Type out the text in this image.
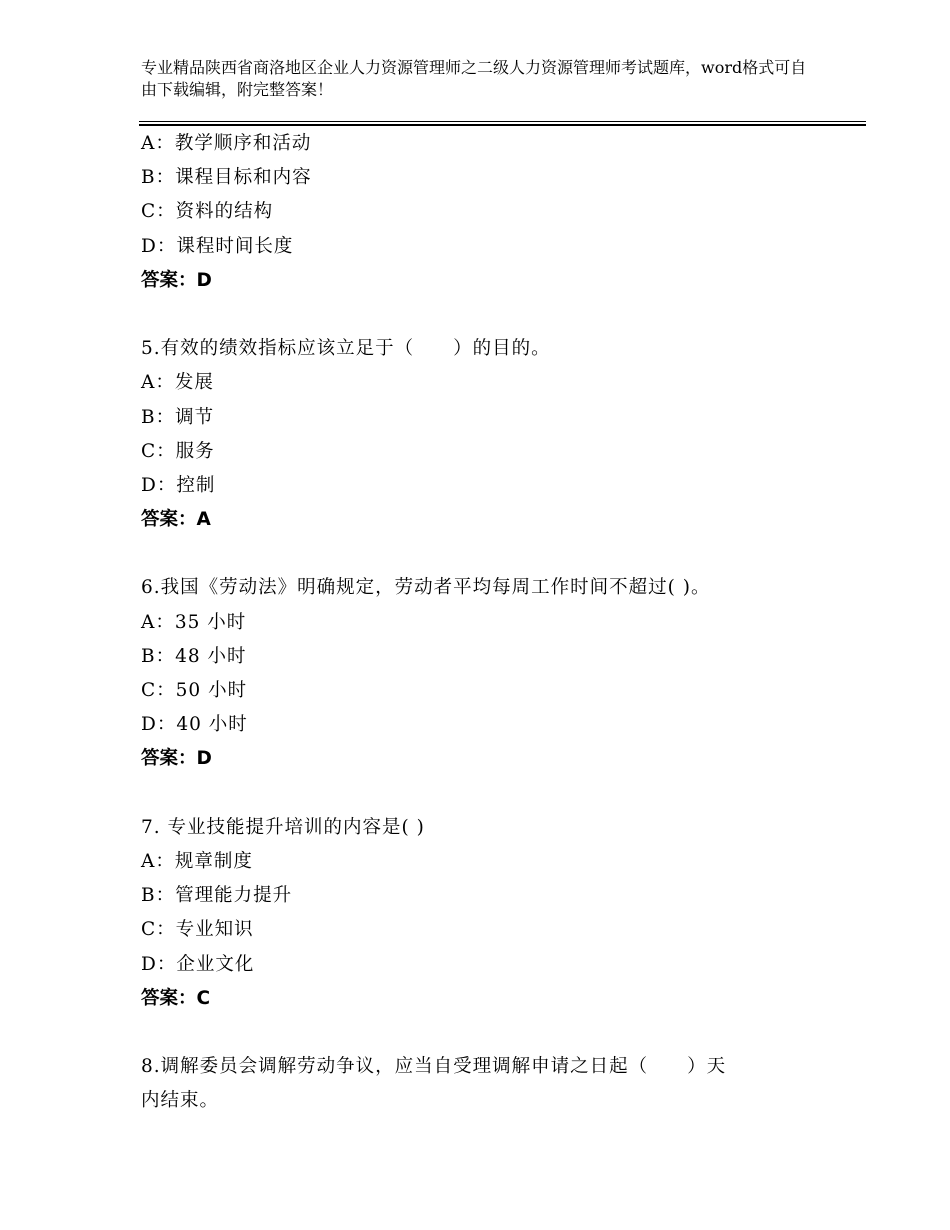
专业精品陕西省商洛地区企业人力资源管理师之二级人力资源管理师考试题库，word格式可自由下载编辑，附完整答案！
A：教学顺序和活动
B：课程目标和内容
C：资料的结构
D：课程时间长度
答案：D
5.有效的绩效指标应该立足于（　　）的目的。
A：发展
B：调节
C：服务
D：控制
答案：A
6.我国《劳动法》明确规定，劳动者平均每周工作时间不超过( )。
A：35 小时
B：48 小时
C：50 小时
D：40 小时
答案：D
7. 专业技能提升培训的内容是( )
A：规章制度
B：管理能力提升
C：专业知识
D：企业文化
答案：C
8.调解委员会调解劳动争议，应当自受理调解申请之日起（　　）天
内结束。
